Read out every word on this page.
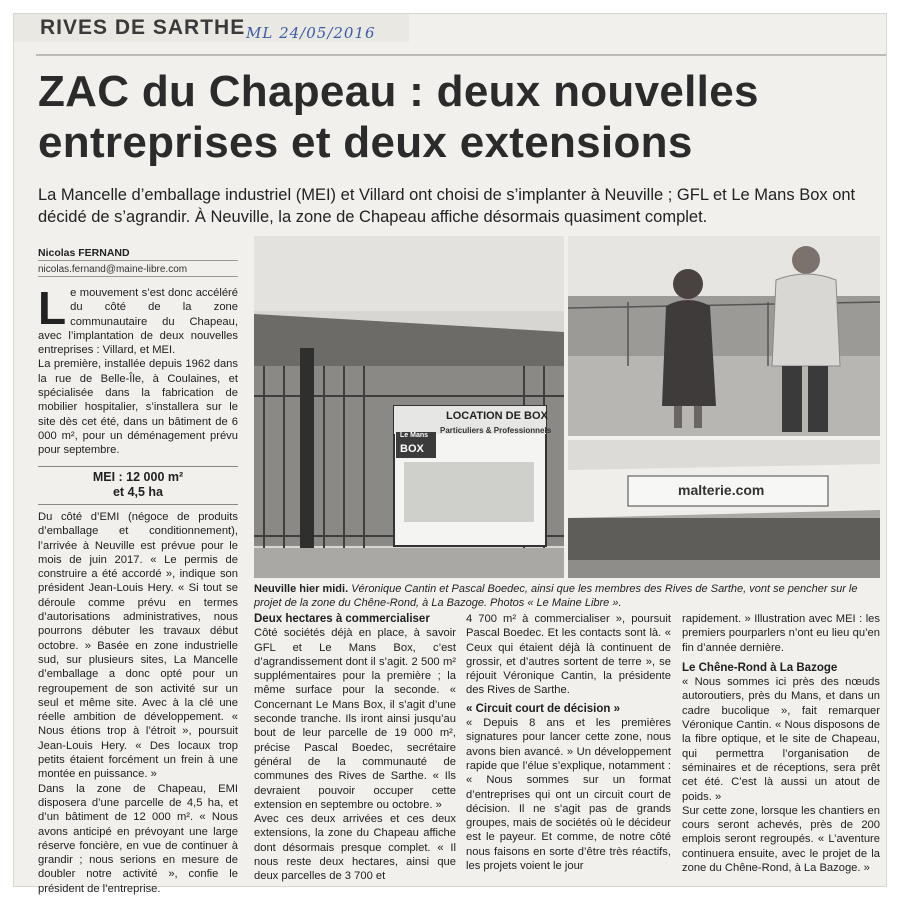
RIVES DE SARTHE ML 24/05/2016
ZAC du Chapeau : deux nouvelles entreprises et deux extensions
La Mancelle d’emballage industriel (MEI) et Villard ont choisi de s’implanter à Neuville ; GFL et Le Mans Box ont décidé de s’agrandir. À Neuville, la zone de Chapeau affiche désormais quasiment complet.
Nicolas FERNAND
nicolas.fernand@maine-libre.com
L e mouvement s’est donc accéléré du côté de la zone communautaire du Chapeau, avec l’implantation de deux nouvelles entreprises : Villard, et MEI.

La première, installée depuis 1962 dans la rue de Belle-Île, à Coulaines, et spécialisée dans la fabrication de mobilier hospitalier, s’installera sur le site dès cet été, dans un bâtiment de 6 000 m², pour un déménagement prévu pour septembre.

MEI : 12 000 m²
et 4,5 ha

Du côté d’EMI (négoce de produits d’emballage et conditionnement), l’arrivée à Neuville est prévue pour le mois de juin 2017. « Le permis de construire a été accordé », indique son président Jean-Louis Hery. « Si tout se déroule comme prévu en termes d’autorisations administratives, nous pourrons débuter les travaux début octobre. » Basée en zone industrielle sud, sur plusieurs sites, La Mancelle d’emballage a donc opté pour un regroupement de son activité sur un seul et même site. Avec à la clé une réelle ambition de développement. « Nous étions trop à l’étroit », poursuit Jean-Louis Hery. « Des locaux trop petits étaient forcément un frein à une montée en puissance. »

Dans la zone de Chapeau, EMI disposera d’une parcelle de 4,5 ha, et d’un bâtiment de 12 000 m². « Nous avons anticipé en prévoyant une large réserve foncière, en vue de continuer à grandir ; nous serions en mesure de doubler notre activité », confie le président de l’entreprise.

LOCATION DE BOX
Particuliers & Professionnels
Le Mans
BOX
malterie.com
Neuville hier midi. Véronique Cantin et Pascal Boedec, ainsi que les membres des Rives de Sarthe, vont se pencher sur le projet de la zone du Chêne-Rond, à La Bazoge. Photos « Le Maine Libre ».

Deux hectares à commercialiser

Côté sociétés déjà en place, à savoir GFL et Le Mans Box, c’est d’agrandissement dont il s’agit. 2 500 m² supplémentaires pour la première ; la même surface pour la seconde. « Concernant Le Mans Box, il s’agit d’une seconde tranche. Ils iront ainsi jusqu’au bout de leur parcelle de 19 000 m², précise Pascal Boedec, secrétaire général de la communauté de communes des Rives de Sarthe. « Ils devraient pouvoir occuper cette extension en septembre ou octobre. »

Avec ces deux arrivées et ces deux extensions, la zone du Chapeau affiche dont désormais presque complet. « Il nous reste deux hectares, ainsi que deux parcelles de 3 700 et

4 700 m² à commercialiser », poursuit Pascal Boedec. Et les contacts sont là. « Ceux qui étaient déjà là continuent de grossir, et d’autres sortent de terre », se réjouit Véronique Cantin, la présidente des Rives de Sarthe.

« Circuit court de décision »

« Depuis 8 ans et les premières signatures pour lancer cette zone, nous avons bien avancé. » Un développement rapide que l’élue s’explique, notamment : « Nous sommes sur un format d’entreprises qui ont un circuit court de décision. Il ne s’agit pas de grands groupes, mais de sociétés où le décideur est le payeur. Et comme, de notre côté nous faisons en sorte d’être très réactifs, les projets voient le jour

rapidement. » Illustration avec MEI : les premiers pourparlers n’ont eu lieu qu’en fin d’année dernière.

Le Chêne-Rond à La Bazoge

« Nous sommes ici près des nœuds autoroutiers, près du Mans, et dans un cadre bucolique », fait remarquer Véronique Cantin. « Nous disposons de la fibre optique, et le site de Chapeau, qui permettra l’organisation de séminaires et de réceptions, sera prêt cet été. C’est là aussi un atout de poids. »

Sur cette zone, lorsque les chantiers en cours seront achevés, près de 200 emplois seront regroupés. « L’aventure continuera ensuite, avec le projet de la zone du Chêne-Rond, à La Bazoge. »
